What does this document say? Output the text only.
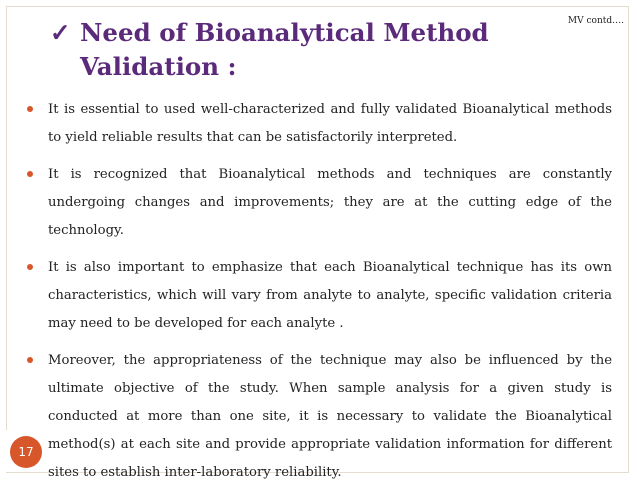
MV contd….
✓ Need of Bioanalytical Method
Validation :
It is essential to used well-characterized and fully validated Bioanalytical methods to yield reliable results that can be satisfactorily interpreted.
It is recognized that Bioanalytical methods and techniques are constantly undergoing changes and improvements; they are at the cutting edge of the technology.
It is also important to emphasize that each Bioanalytical technique has its own characteristics, which will vary from analyte to analyte, specific validation criteria may need to be developed for each analyte .
Moreover, the appropriateness of the technique may also be influenced by the ultimate objective of the study. When sample analysis for a given study is conducted at more than one site, it is necessary to validate the Bioanalytical method(s) at each site and provide appropriate validation information for different sites to establish inter-laboratory reliability.
17
